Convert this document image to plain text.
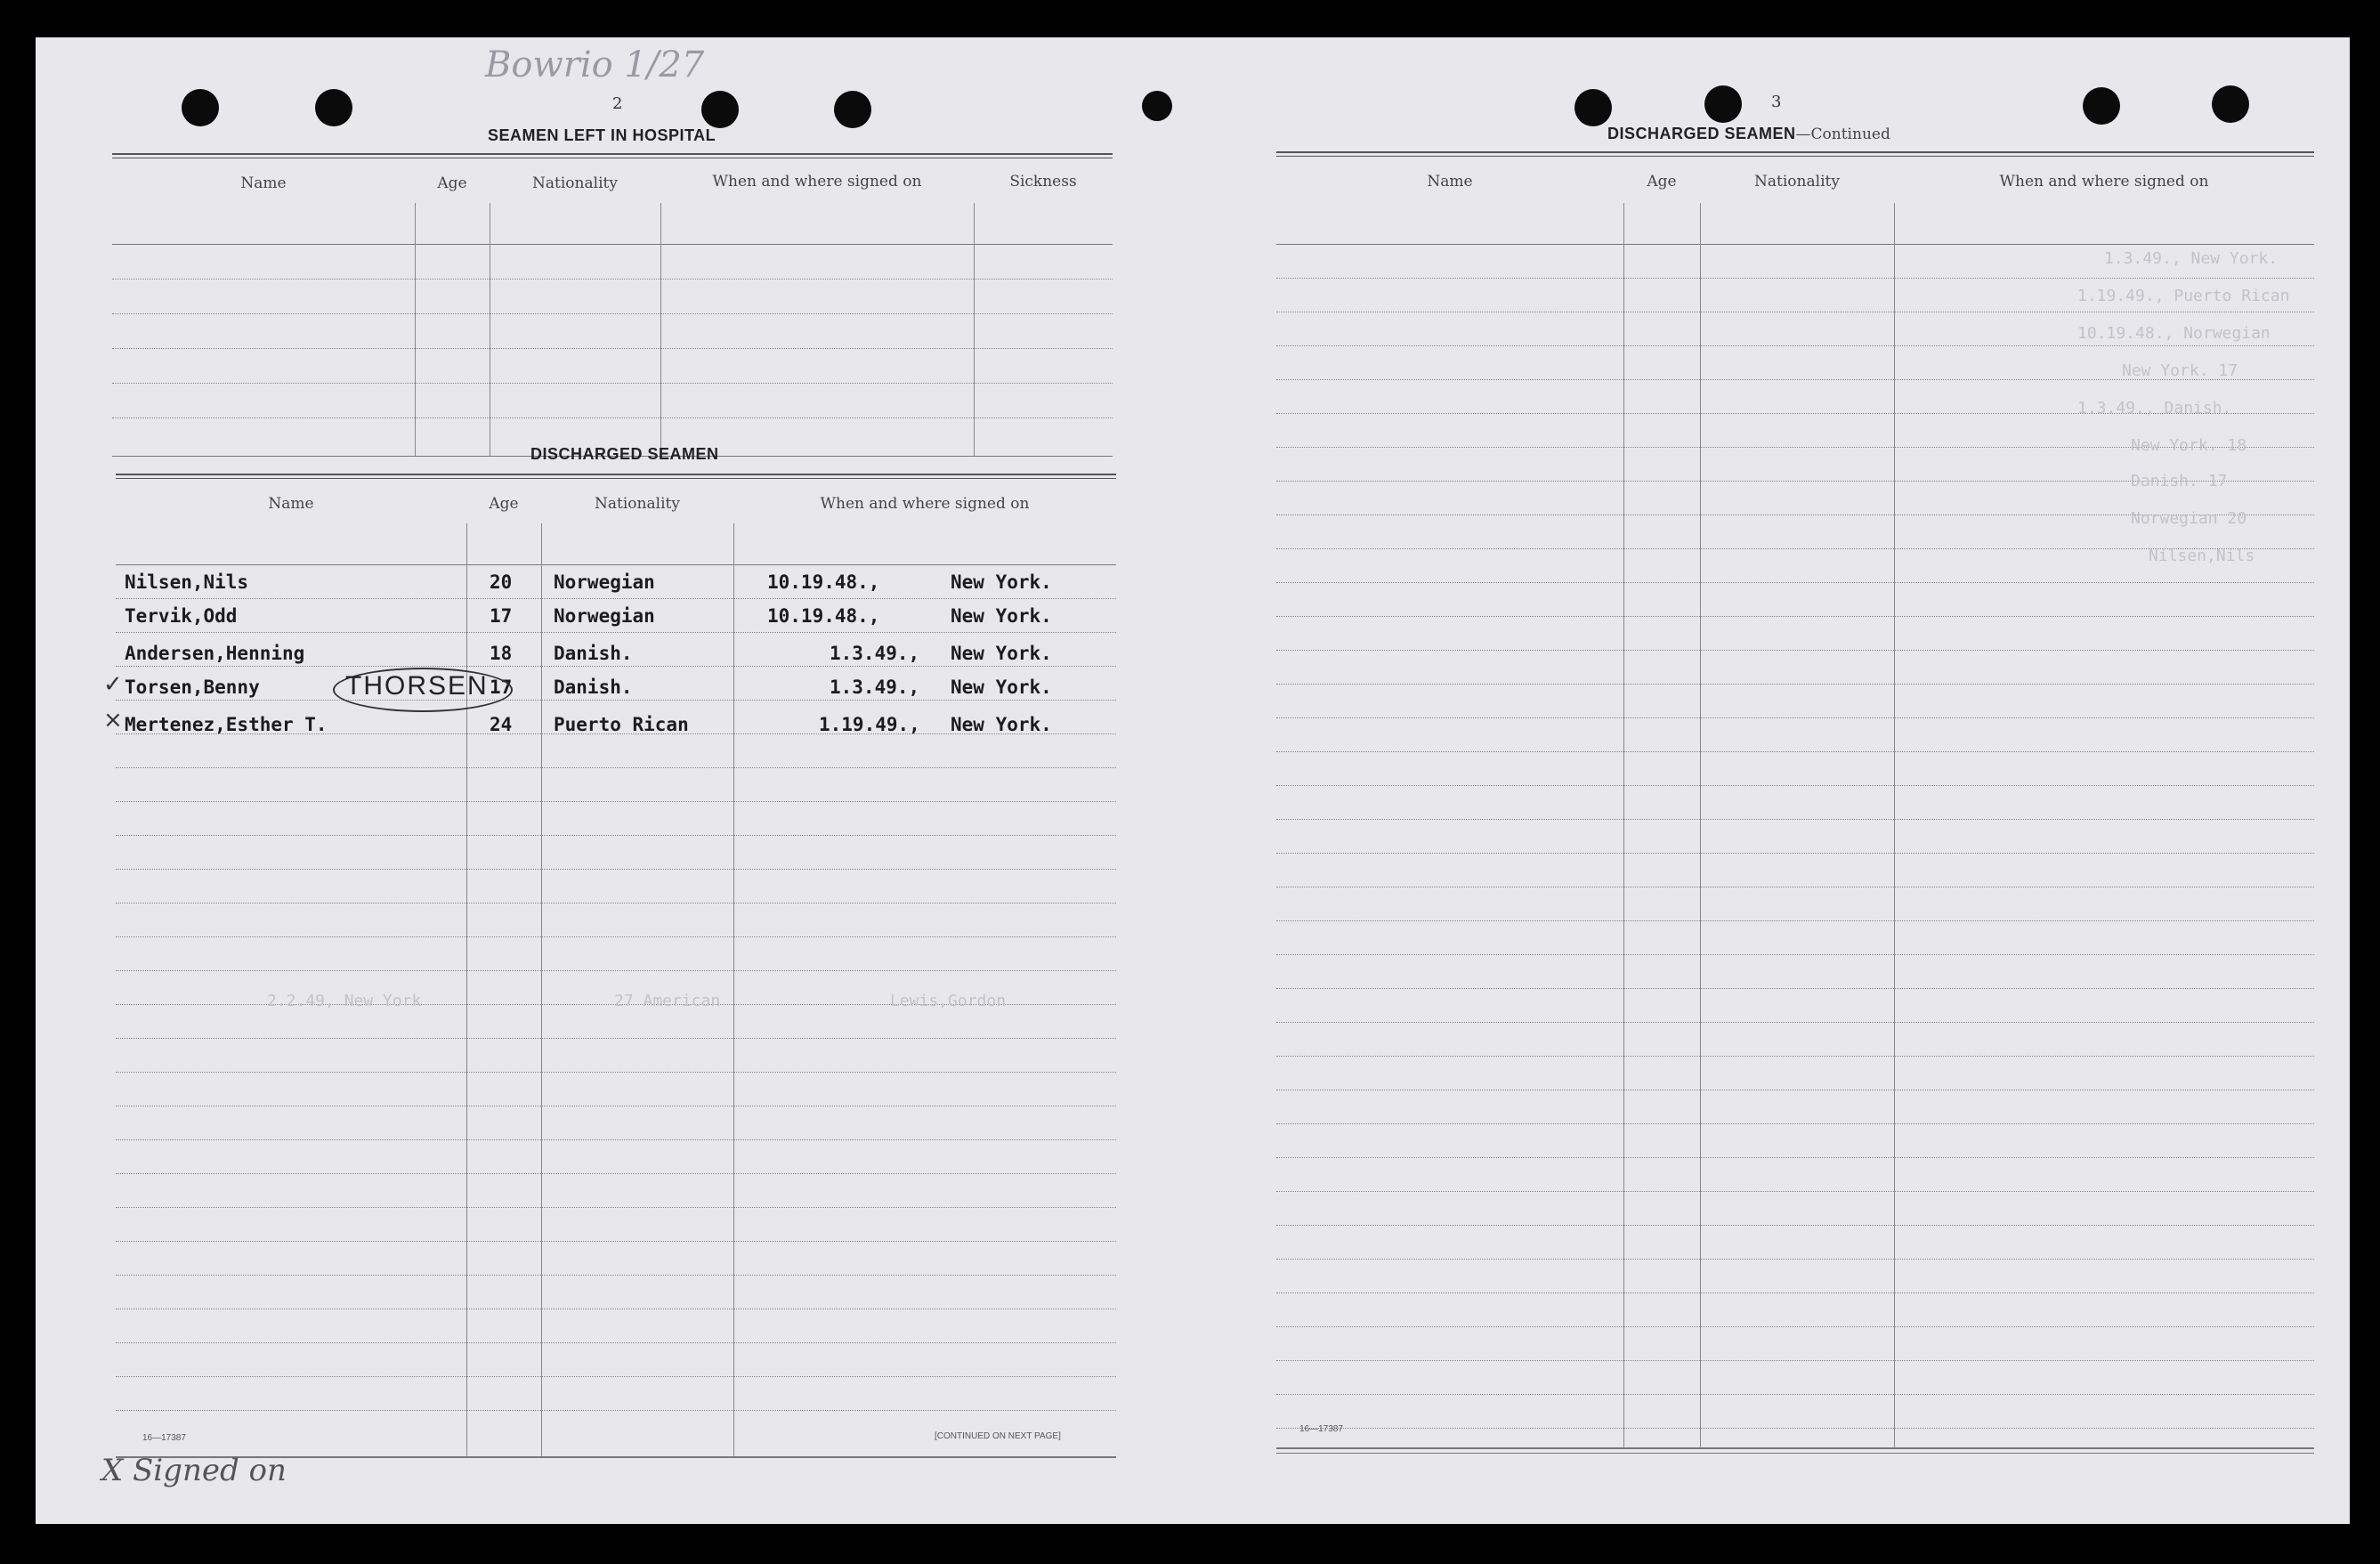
Bowrio 1/27
2
SEAMEN LEFT IN HOSPITAL
Name	Age	Nationality	When and where signed on	Sickness
DISCHARGED SEAMEN
Name	Age	Nationality	When and where signed on
Nilsen,Nils	20 Norwegian	10.19.48.,	New York.
Tervik,Odd	17 Norwegian	10.19.48.,	New York.
Andersen,Henning	18 Danish.	1.3.49., New York.
Torsen,Benny	17 Danish.	1.3.49., New York.
Mertenez,Esther T.	24 Puerto Rican	1.19.49., New York.
THORSEN
✓
×
2.2.49, New York	27 American	Lewis,Gordon
16—17387	[CONTINUED ON NEXT PAGE]
X Signed on
3
DISCHARGED SEAMEN—Continued
Name	Age	Nationality	When and where signed on
1.3.49., New York.
1.19.49., Puerto Rican
10.19.48., Norwegian
New York. 17
1.3.49., Danish.
New York. 18
Danish. 17
Norwegian 20
Nilsen,Nils
16—17387
